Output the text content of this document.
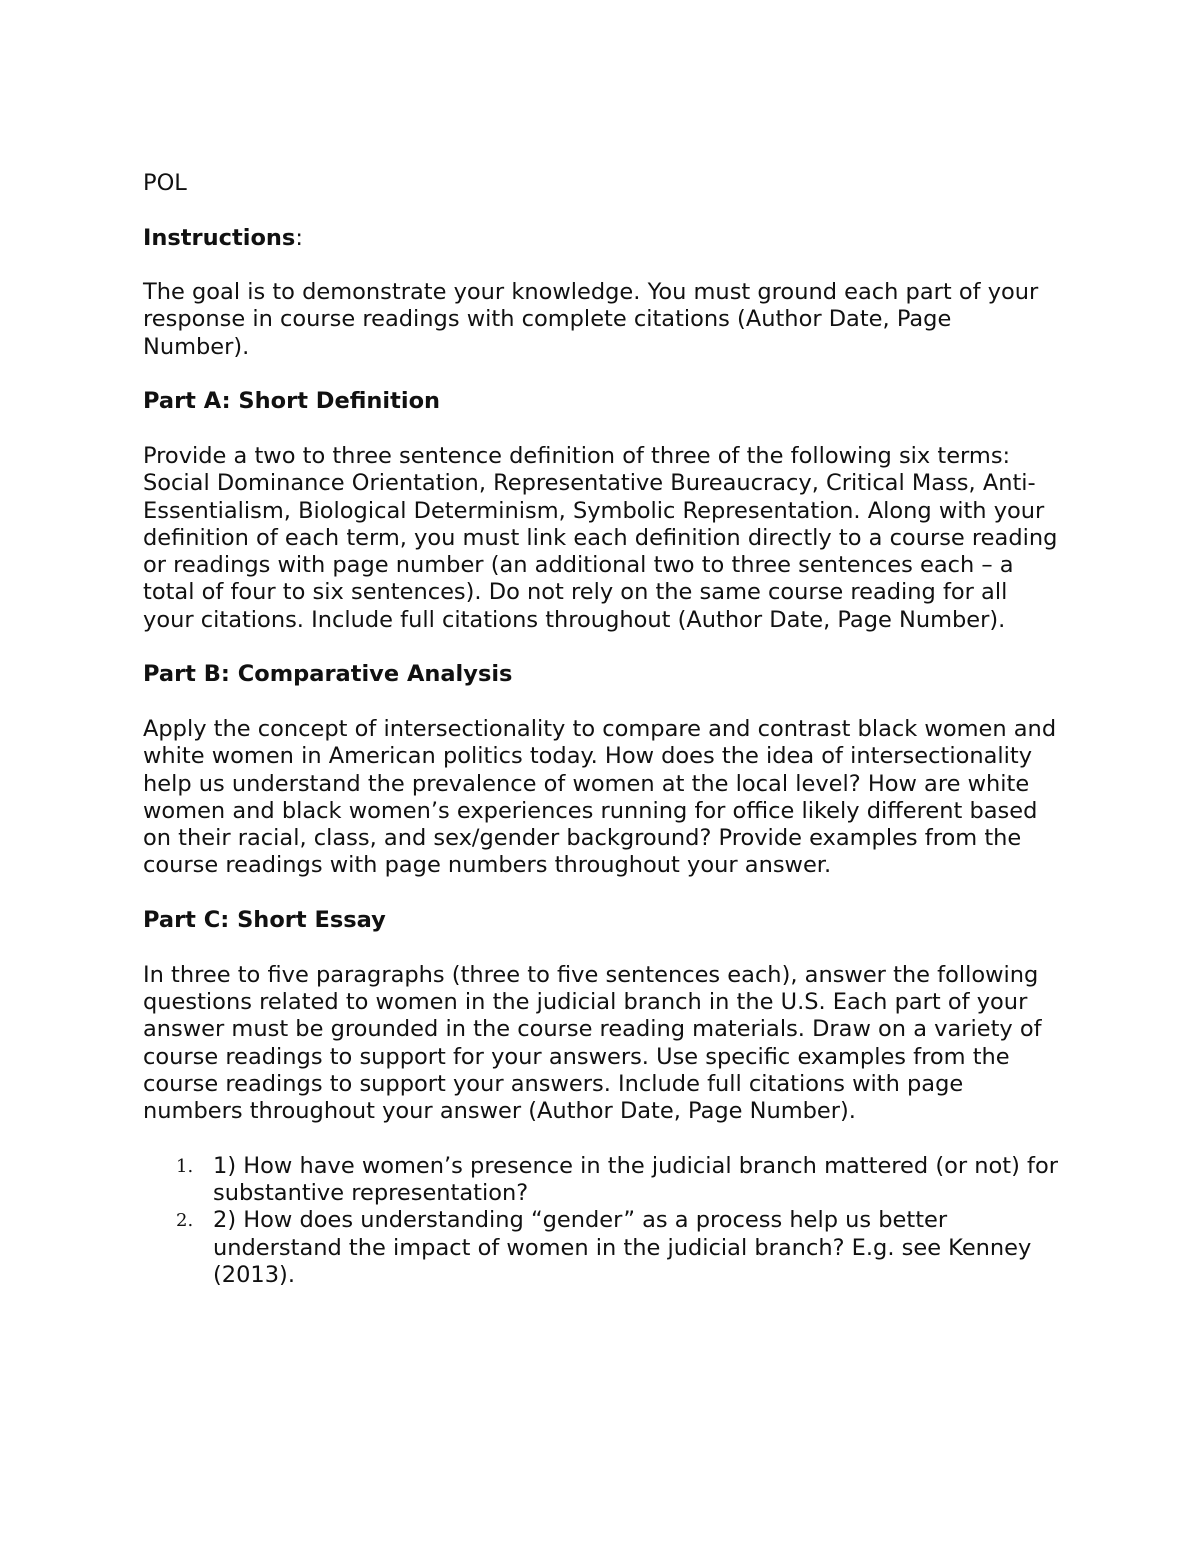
POL

Instructions:

The goal is to demonstrate your knowledge. You must ground each part of your response in course readings with complete citations (Author Date, Page Number).

Part A: Short Definition

Provide a two to three sentence definition of three of the following six terms: Social Dominance Orientation, Representative Bureaucracy, Critical Mass, Anti-Essentialism, Biological Determinism, Symbolic Representation. Along with your definition of each term, you must link each definition directly to a course reading or readings with page number (an additional two to three sentences each – a total of four to six sentences). Do not rely on the same course reading for all your citations. Include full citations throughout (Author Date, Page Number).

Part B: Comparative Analysis

Apply the concept of intersectionality to compare and contrast black women and white women in American politics today. How does the idea of intersectionality help us understand the prevalence of women at the local level? How are white women and black women’s experiences running for office likely different based on their racial, class, and sex/gender background? Provide examples from the course readings with page numbers throughout your answer.

Part C: Short Essay

In three to five paragraphs (three to five sentences each), answer the following questions related to women in the judicial branch in the U.S. Each part of your answer must be grounded in the course reading materials. Draw on a variety of course readings to support for your answers. Use specific examples from the course readings to support your answers. Include full citations with page numbers throughout your answer (Author Date, Page Number).

1. 1) How have women’s presence in the judicial branch mattered (or not) for substantive representation?
2. 2) How does understanding “gender” as a process help us better understand the impact of women in the judicial branch? E.g. see Kenney (2013).
